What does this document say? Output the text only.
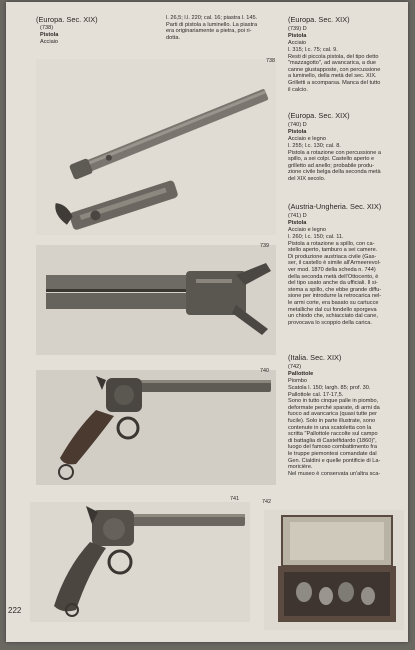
(Europa. Sec. XIX)
(738)
Pistola
Acciaio
l. 26,5; l.l. 220; cal. 16; piastra l. 145.
Parti di pistola a luminello. La piastra
era originariamente a pietra, poi ri-
dotta.
(Europa. Sec. XIX)
(739) D
Pistola
Acciaio
l. 315; l.c. 75; cal. 9.
Resti di piccola pistola, del tipo detto
"mazzagotto", ad avancarica, a due
canne giustapposte, con percussione
a luminello, della metà del sec. XIX.
Grilletti a scomparsa. Manca del tutto
il calcio.
(Europa. Sec. XIX)
(740) D
Pistola
Acciaio e legno
l. 255; l.c. 130; cal. 8.
Pistola a rotazione con percussione a
spillo, a sei colpi. Castello aperto e
grilletto ad anello; probabile produ-
zione civile belga della seconda metà
del XIX secolo.
(Austria-Ungheria. Sec. XIX)
(741) D
Pistola
Acciaio e legno
l. 260; l.c. 150; cal. 11.
Pistola a rotazione a spillo, con ca-
stello aperto, tamburo a sei camere.
Di produzione austriaca civile (Gas-
ser, il castello è simile all'Armeerevol-
ver mod. 1870 della scheda n. 744)
della seconda metà dell'Ottocento, è
del tipo usato anche da ufficiali. Il si-
stema a spillo, che ebbe grande diffu-
sione per introdurre la retrocarica nel-
le armi corte, era basato su cartucce
metalliche dal cui fondello sporgeva
un chiodo che, schiacciato dal cane,
provocava lo scoppio della carica.
(Italia. Sec. XIX)
(742)
Pallottole
Piombo
Scatola l. 150; largh. 85; prof. 30.
Pallottole cal. 17-17,5.
Sono in tutto cinque palle in piombo,
deformate perché sparate, di armi da
fuoco ad avancarica (quasi tutte per
fucile). Solo in parte illustrate, sono
contenute in una scatoletta con la
scritta "Pallottole raccolte sul campo
di battaglia di Castelfidardo (1860)",
luogo del famoso combattimento fra
le truppe piemontesi comandate dal
Gen. Cialdini e quelle pontificie di La-
moricière.
Nel museo è conservata un'altra sca-
738
739
740
741	742
222
